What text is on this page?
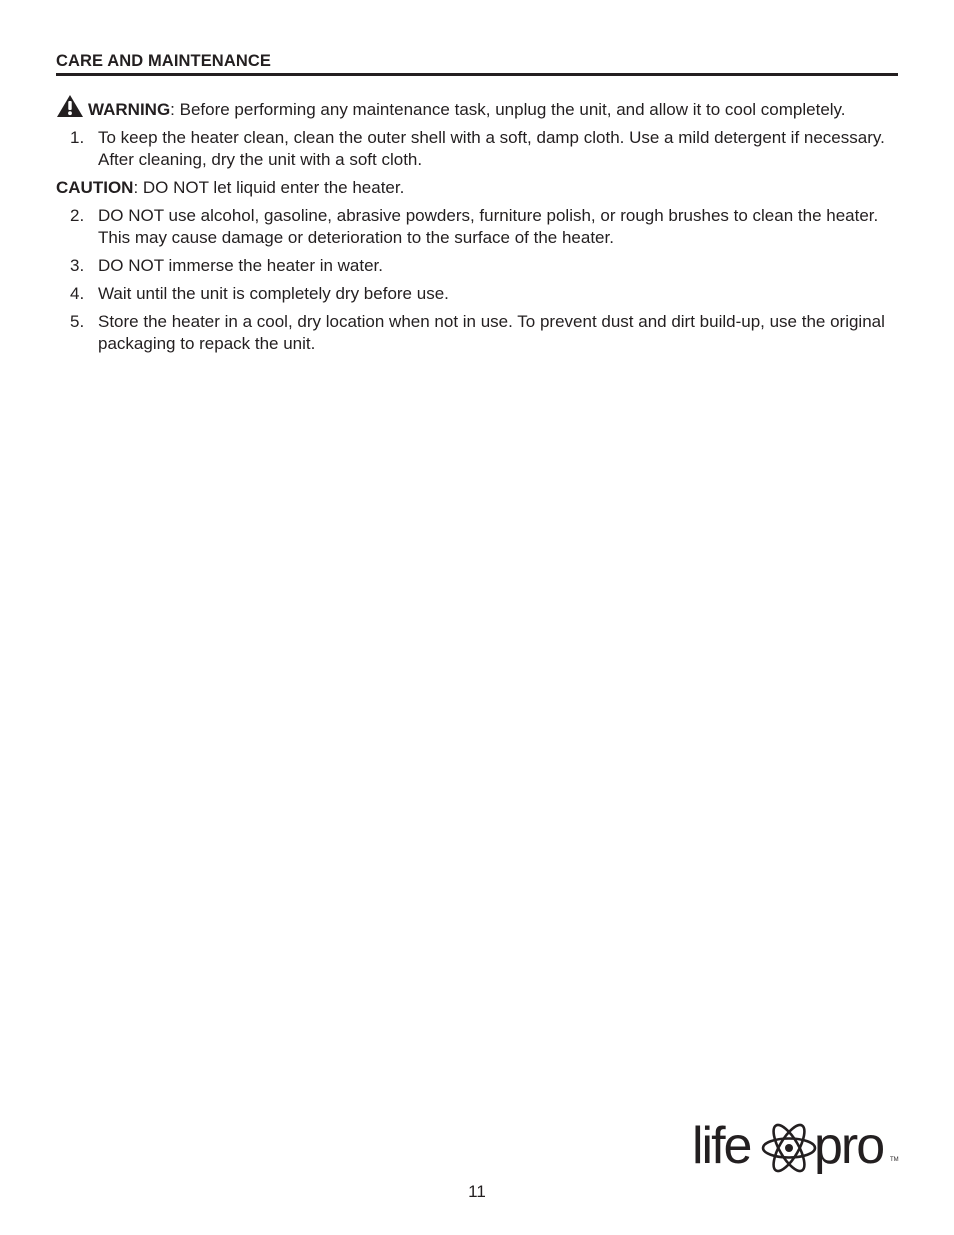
CARE AND MAINTENANCE

WARNING: Before performing any maintenance task, unplug the unit, and allow it to cool completely.

1. To keep the heater clean, clean the outer shell with a soft, damp cloth. Use a mild detergent if necessary. After cleaning, dry the unit with a soft cloth.

CAUTION: DO NOT let liquid enter the heater.

2. DO NOT use alcohol, gasoline, abrasive powders, furniture polish, or rough brushes to clean the heater. This may cause damage or deterioration to the surface of the heater.
3. DO NOT immerse the heater in water.
4. Wait until the unit is completely dry before use.
5. Store the heater in a cool, dry location when not in use. To prevent dust and dirt build-up, use the original packaging to repack the unit.
life pro TM
11
